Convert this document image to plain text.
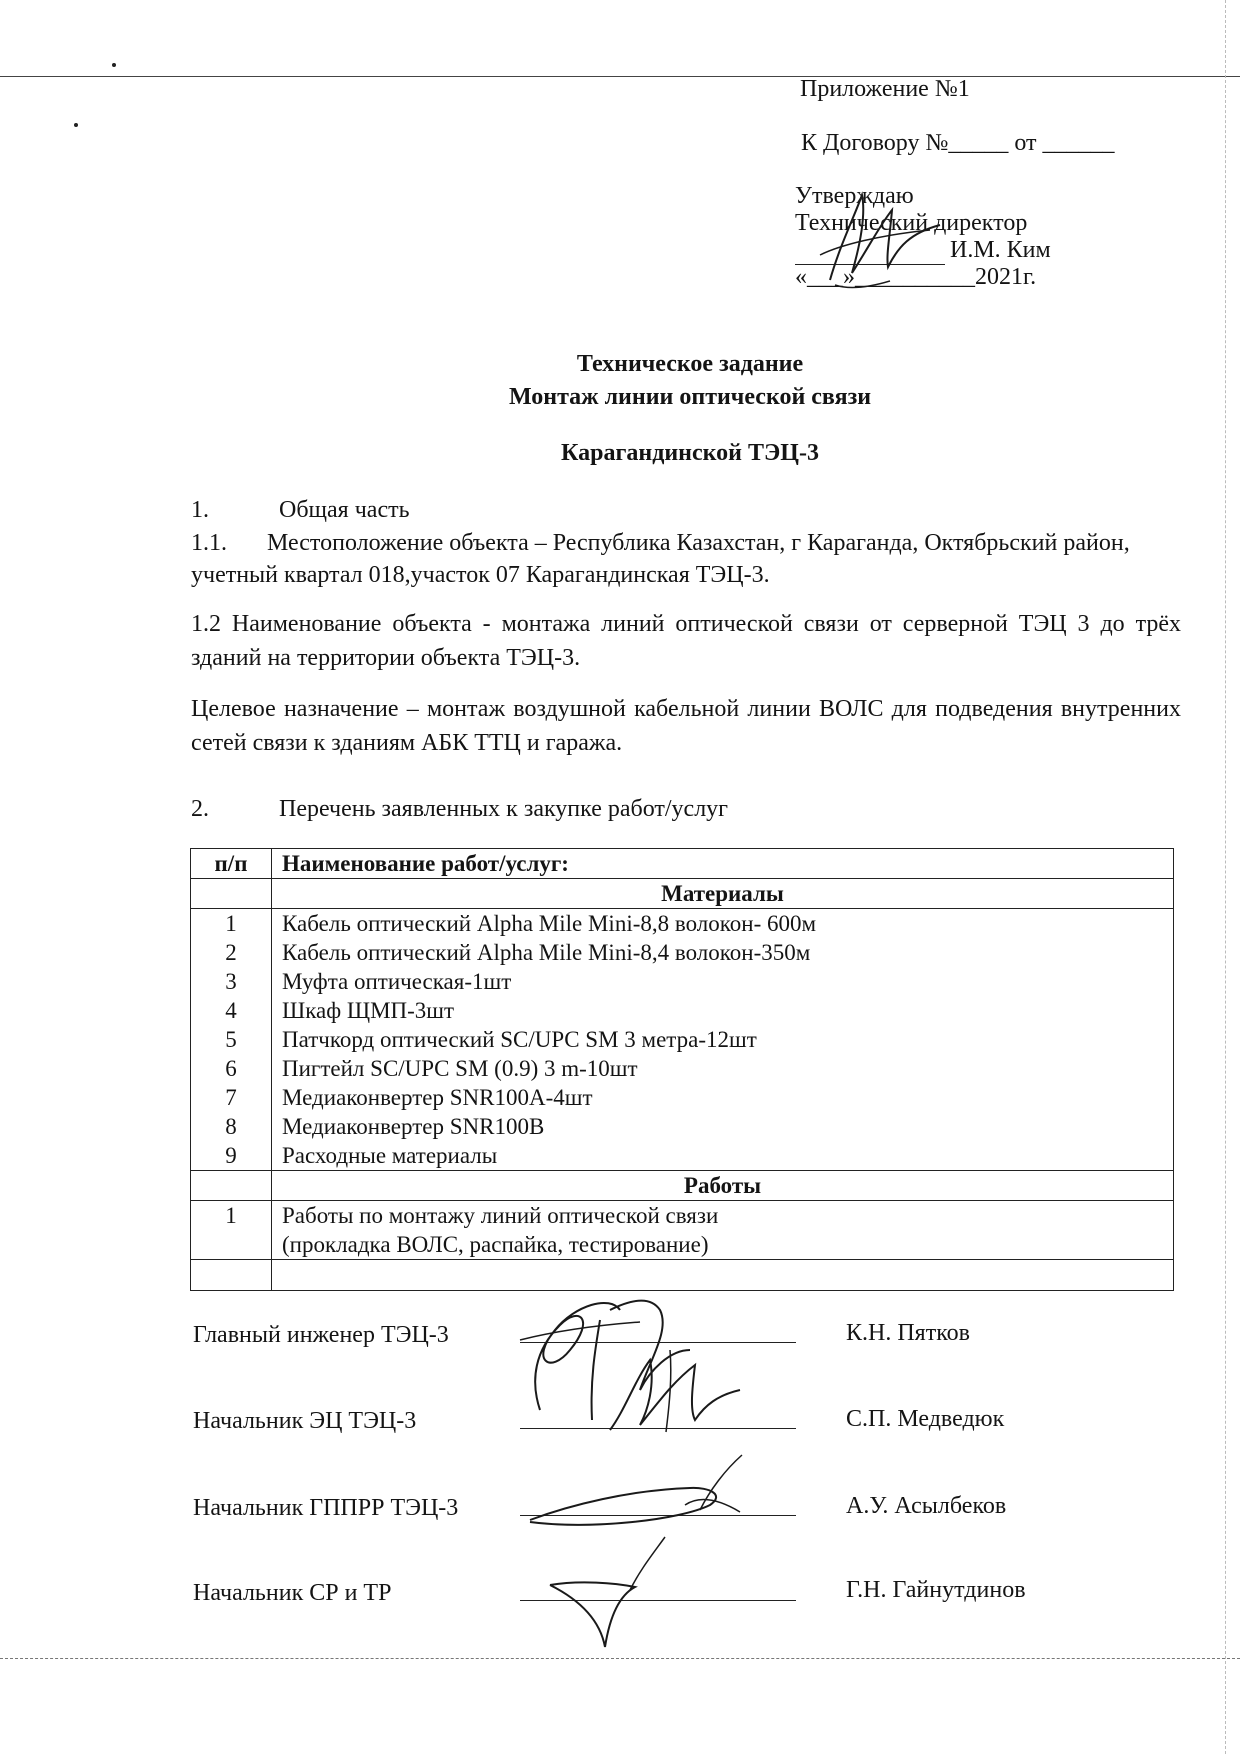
Приложение №1
К Договору №_____ от ______
Утверждаю
Технический директор
И.М. Ким
«___»__________2021г.
Техническое задание
Монтаж линии оптической связи
Карагандинской ТЭЦ-3
1.	Общая часть
1.1. Местоположение объекта – Республика Казахстан, г Караганда, Октябрьский район,
учетный квартал 018,участок 07 Карагандинская ТЭЦ-3.
1.2 Наименование объекта - монтажа линий оптической связи от серверной ТЭЦ 3 до трёх зданий на территории объекта ТЭЦ-3.
Целевое назначение – монтаж воздушной кабельной линии ВОЛС для подведения внутренних сетей связи к зданиям АБК ТТЦ и гаража.
2.	Перечень заявленных к закупке работ/услуг
п/п	Наименование работ/услуг:
	Материалы
1	Кабель оптический Alpha Mile Mini-8,8 волокон- 600м
2	Кабель оптический Alpha Mile Mini-8,4 волокон-350м
3	Муфта оптическая-1шт
4	Шкаф ЩМП-3шт
5	Патчкорд оптический SC/UPC SM 3 метра-12шт
6	Пигтейл SC/UPC SM (0.9) 3 m-10шт
7	Медиаконвертер SNR100A-4шт
8	Медиаконвертер SNR100B
9	Расходные материалы
	Работы
1	Работы по монтажу линий оптической связи
(прокладка ВОЛС, распайка, тестирование)

Главный инженер ТЭЦ-3	К.Н. Пятков
Начальник ЭЦ ТЭЦ-3	С.П. Медведюк
Начальник ГППРР ТЭЦ-3	А.У. Асылбеков
Начальник СР и ТР	Г.Н. Гайнутдинов
